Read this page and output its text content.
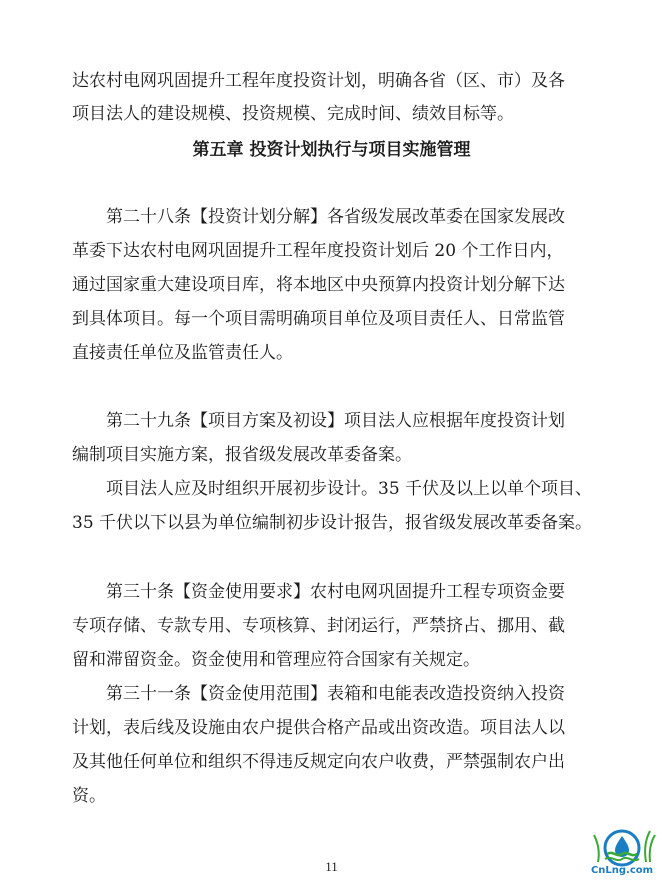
达农村电网巩固提升工程年度投资计划，明确各省（区、市）及各
项目法人的建设规模、投资规模、完成时间、绩效目标等。
第五章 投资计划执行与项目实施管理
第二十八条【投资计划分解】各省级发展改革委在国家发展改
革委下达农村电网巩固提升工程年度投资计划后 20 个工作日内，
通过国家重大建设项目库，将本地区中央预算内投资计划分解下达
到具体项目。每一个项目需明确项目单位及项目责任人、日常监管
直接责任单位及监管责任人。
第二十九条【项目方案及初设】项目法人应根据年度投资计划
编制项目实施方案，报省级发展改革委备案。
项目法人应及时组织开展初步设计。35 千伏及以上以单个项目、
35 千伏以下以县为单位编制初步设计报告，报省级发展改革委备案。
第三十条【资金使用要求】农村电网巩固提升工程专项资金要
专项存储、专款专用、专项核算、封闭运行，严禁挤占、挪用、截
留和滞留资金。资金使用和管理应符合国家有关规定。
第三十一条【资金使用范围】表箱和电能表改造投资纳入投资
计划，表后线及设施由农户提供合格产品或出资改造。项目法人以
及其他任何单位和组织不得违反规定向农户收费，严禁强制农户出
资。
11	CnLng.com
